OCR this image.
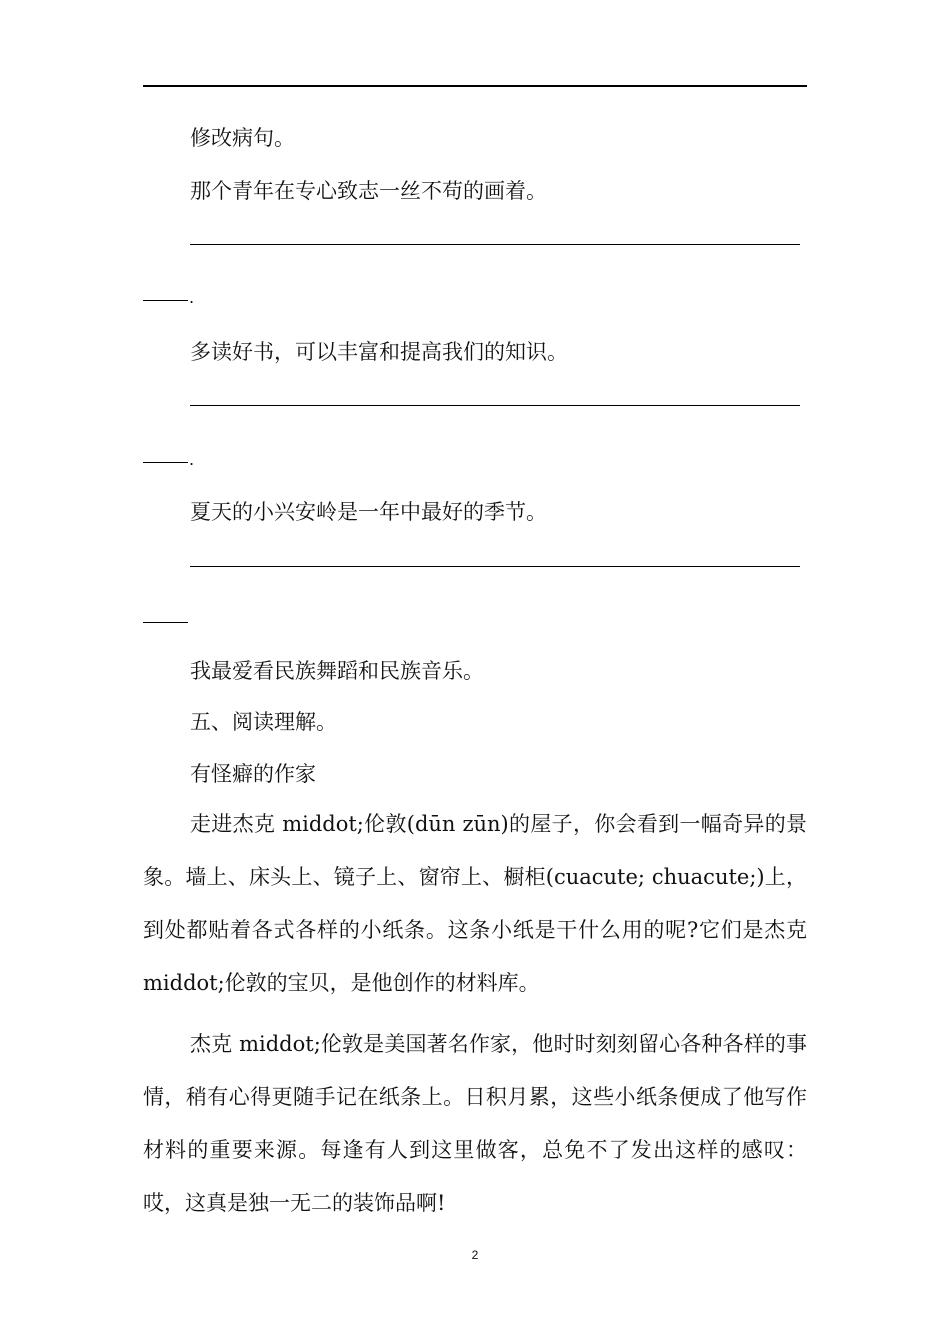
修改病句。
那个青年在专心致志一丝不苟的画着。
.
多读好书，可以丰富和提高我们的知识。
.
夏天的小兴安岭是一年中最好的季节。
我最爱看民族舞蹈和民族音乐。
五、阅读理解。
有怪癖的作家

走进杰克 middot;伦敦(dūn zūn)的屋子，你会看到一幅奇异的景象。墙上、床头上、镜子上、窗帘上、橱柜(cuacute; chuacute;)上，到处都贴着各式各样的小纸条。这条小纸是干什么用的呢?它们是杰克 middot;伦敦的宝贝，是他创作的材料库。

杰克 middot;伦敦是美国著名作家，他时时刻刻留心各种各样的事情，稍有心得更随手记在纸条上。日积月累，这些小纸条便成了他写作材料的重要来源。每逢有人到这里做客，总免不了发出这样的感叹：哎，这真是独一无二的装饰品啊!

2
